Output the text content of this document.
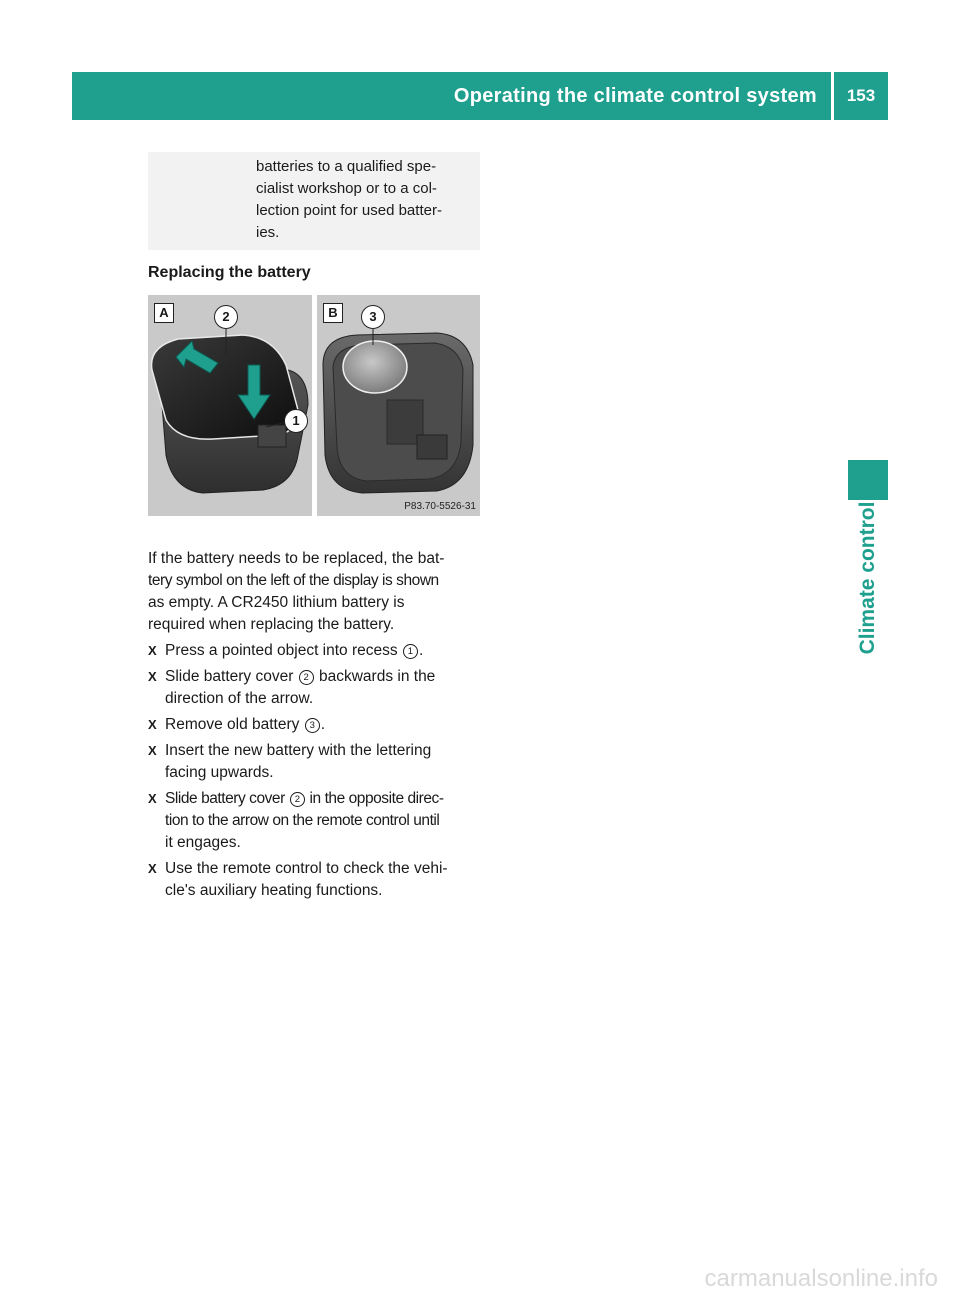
Operating the climate control system	153
Climate control
batteries to a qualified spe-
cialist workshop or to a col-
lection point for used batter-
ies.
Replacing the battery
A	2
1
B	3
P83.70-5526-31
If the battery needs to be replaced, the bat-
tery symbol on the left of the display is shown
as empty. A CR2450 lithium battery is
required when replacing the battery.
X Press a pointed object into recess 1 .
X Slide battery cover 2 backwards in the
direction of the arrow.
X Remove old battery 3 .
X Insert the new battery with the lettering
facing upwards.
X Slide battery cover 2 in the opposite direc-
tion to the arrow on the remote control until
it engages.
X Use the remote control to check the vehi-
cle's auxiliary heating functions.
carmanualsonline.info
